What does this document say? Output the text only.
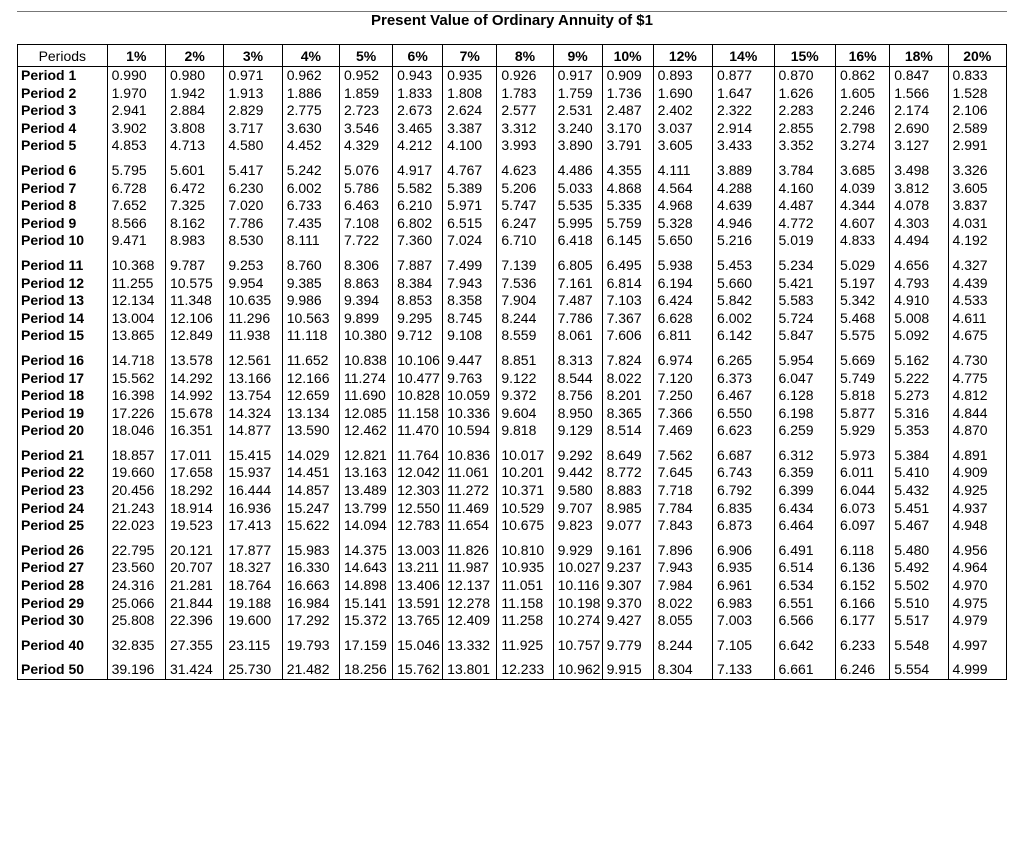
Present Value of Ordinary Annuity of $1
Periods	1%	2%	3%	4%	5%	6%	7%	8%	9%	10%	12%	14%	15%	16%	18%	20%
Period 1	0.990	0.980	0.971	0.962	0.952	0.943	0.935	0.926	0.917	0.909	0.893	0.877	0.870	0.862	0.847	0.833
Period 2	1.970	1.942	1.913	1.886	1.859	1.833	1.808	1.783	1.759	1.736	1.690	1.647	1.626	1.605	1.566	1.528
Period 3	2.941	2.884	2.829	2.775	2.723	2.673	2.624	2.577	2.531	2.487	2.402	2.322	2.283	2.246	2.174	2.106
Period 4	3.902	3.808	3.717	3.630	3.546	3.465	3.387	3.312	3.240	3.170	3.037	2.914	2.855	2.798	2.690	2.589
Period 5	4.853	4.713	4.580	4.452	4.329	4.212	4.100	3.993	3.890	3.791	3.605	3.433	3.352	3.274	3.127	2.991
Period 6	5.795	5.601	5.417	5.242	5.076	4.917	4.767	4.623	4.486	4.355	4.111	3.889	3.784	3.685	3.498	3.326
Period 7	6.728	6.472	6.230	6.002	5.786	5.582	5.389	5.206	5.033	4.868	4.564	4.288	4.160	4.039	3.812	3.605
Period 8	7.652	7.325	7.020	6.733	6.463	6.210	5.971	5.747	5.535	5.335	4.968	4.639	4.487	4.344	4.078	3.837
Period 9	8.566	8.162	7.786	7.435	7.108	6.802	6.515	6.247	5.995	5.759	5.328	4.946	4.772	4.607	4.303	4.031
Period 10	9.471	8.983	8.530	8.111	7.722	7.360	7.024	6.710	6.418	6.145	5.650	5.216	5.019	4.833	4.494	4.192
Period 11	10.368	9.787	9.253	8.760	8.306	7.887	7.499	7.139	6.805	6.495	5.938	5.453	5.234	5.029	4.656	4.327
Period 12	11.255	10.575	9.954	9.385	8.863	8.384	7.943	7.536	7.161	6.814	6.194	5.660	5.421	5.197	4.793	4.439
Period 13	12.134	11.348	10.635	9.986	9.394	8.853	8.358	7.904	7.487	7.103	6.424	5.842	5.583	5.342	4.910	4.533
Period 14	13.004	12.106	11.296	10.563	9.899	9.295	8.745	8.244	7.786	7.367	6.628	6.002	5.724	5.468	5.008	4.611
Period 15	13.865	12.849	11.938	11.118	10.380	9.712	9.108	8.559	8.061	7.606	6.811	6.142	5.847	5.575	5.092	4.675
Period 16	14.718	13.578	12.561	11.652	10.838	10.106	9.447	8.851	8.313	7.824	6.974	6.265	5.954	5.669	5.162	4.730
Period 17	15.562	14.292	13.166	12.166	11.274	10.477	9.763	9.122	8.544	8.022	7.120	6.373	6.047	5.749	5.222	4.775
Period 18	16.398	14.992	13.754	12.659	11.690	10.828	10.059	9.372	8.756	8.201	7.250	6.467	6.128	5.818	5.273	4.812
Period 19	17.226	15.678	14.324	13.134	12.085	11.158	10.336	9.604	8.950	8.365	7.366	6.550	6.198	5.877	5.316	4.844
Period 20	18.046	16.351	14.877	13.590	12.462	11.470	10.594	9.818	9.129	8.514	7.469	6.623	6.259	5.929	5.353	4.870
Period 21	18.857	17.011	15.415	14.029	12.821	11.764	10.836	10.017	9.292	8.649	7.562	6.687	6.312	5.973	5.384	4.891
Period 22	19.660	17.658	15.937	14.451	13.163	12.042	11.061	10.201	9.442	8.772	7.645	6.743	6.359	6.011	5.410	4.909
Period 23	20.456	18.292	16.444	14.857	13.489	12.303	11.272	10.371	9.580	8.883	7.718	6.792	6.399	6.044	5.432	4.925
Period 24	21.243	18.914	16.936	15.247	13.799	12.550	11.469	10.529	9.707	8.985	7.784	6.835	6.434	6.073	5.451	4.937
Period 25	22.023	19.523	17.413	15.622	14.094	12.783	11.654	10.675	9.823	9.077	7.843	6.873	6.464	6.097	5.467	4.948
Period 26	22.795	20.121	17.877	15.983	14.375	13.003	11.826	10.810	9.929	9.161	7.896	6.906	6.491	6.118	5.480	4.956
Period 27	23.560	20.707	18.327	16.330	14.643	13.211	11.987	10.935	10.027	9.237	7.943	6.935	6.514	6.136	5.492	4.964
Period 28	24.316	21.281	18.764	16.663	14.898	13.406	12.137	11.051	10.116	9.307	7.984	6.961	6.534	6.152	5.502	4.970
Period 29	25.066	21.844	19.188	16.984	15.141	13.591	12.278	11.158	10.198	9.370	8.022	6.983	6.551	6.166	5.510	4.975
Period 30	25.808	22.396	19.600	17.292	15.372	13.765	12.409	11.258	10.274	9.427	8.055	7.003	6.566	6.177	5.517	4.979
Period 40	32.835	27.355	23.115	19.793	17.159	15.046	13.332	11.925	10.757	9.779	8.244	7.105	6.642	6.233	5.548	4.997
Period 50	39.196	31.424	25.730	21.482	18.256	15.762	13.801	12.233	10.962	9.915	8.304	7.133	6.661	6.246	5.554	4.999
